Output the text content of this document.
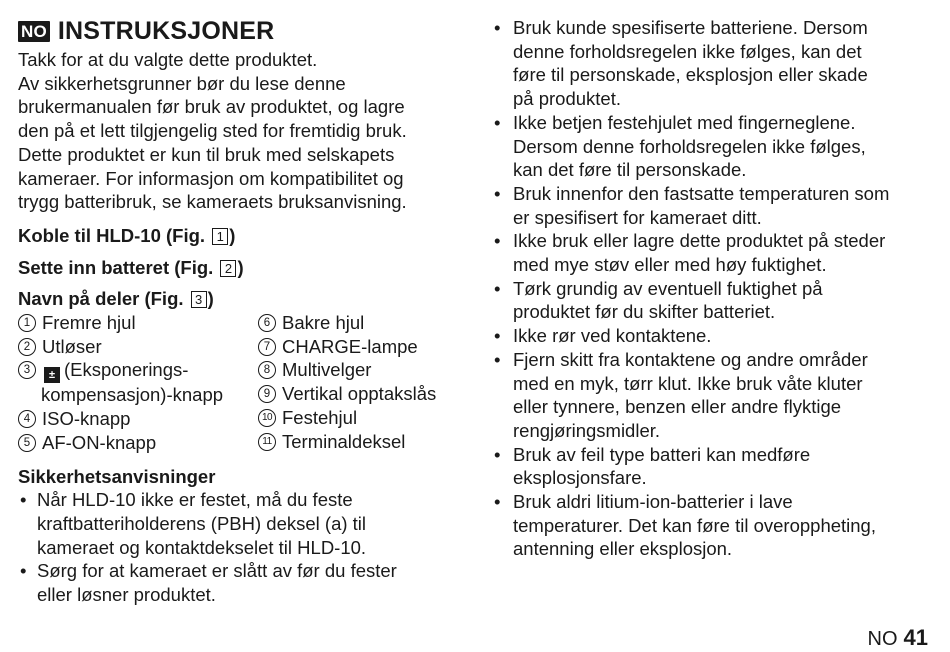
NO INSTRUKSJONER

Takk for at du valgte dette produktet.

Av sikkerhetsgrunner bør du lese denne

brukermanualen før bruk av produktet, og lagre

den på et lett tilgjengelig sted for fremtidig bruk.

Dette produktet er kun til bruk med selskapets

kameraer. For informasjon om kompatibilitet og

trygg batteribruk, se kameraets bruksanvisning.

Koble til HLD-10 (Fig. 1 )
Sette inn batteret (Fig. 2 )
Navn på deler (Fig. 3 )
1 Fremre hjul
2 Utløser
3	± (Eksponerings-
kompensasjon)-knapp
4 ISO-knapp
5 AF-ON-knapp
6 Bakre hjul
7 CHARGE-lampe
8 Multivelger
9 Vertikal opptakslås
10 Festehjul
11 Terminaldeksel
Sikkerhetsanvisninger
• Når HLD-10 ikke er festet, må du feste
kraftbatteriholderens (PBH) deksel (a) til
kameraet og kontaktdekselet til HLD-10.
• Sørg for at kameraet er slått av før du fester
eller løsner produktet.
• Bruk kunde spesifiserte batteriene. Dersom
denne forholdsregelen ikke følges, kan det
føre til personskade, eksplosjon eller skade
på produktet.
• Ikke betjen festehjulet med fingerneglene.
Dersom denne forholdsregelen ikke følges,
kan det føre til personskade.
• Bruk innenfor den fastsatte temperaturen som
er spesifisert for kameraet ditt.
• Ikke bruk eller lagre dette produktet på steder
med mye støv eller med høy fuktighet.
• Tørk grundig av eventuell fuktighet på
produktet før du skifter batteriet.
• Ikke rør ved kontaktene.
• Fjern skitt fra kontaktene og andre områder
med en myk, tørr klut. Ikke bruk våte kluter
eller tynnere, benzen eller andre flyktige
rengjøringsmidler.
• Bruk av feil type batteri kan medføre
eksplosjonsfare.
• Bruk aldri litium-ion-batterier i lave
temperaturer. Det kan føre til overoppheting,
antenning eller eksplosjon.
NO 41
